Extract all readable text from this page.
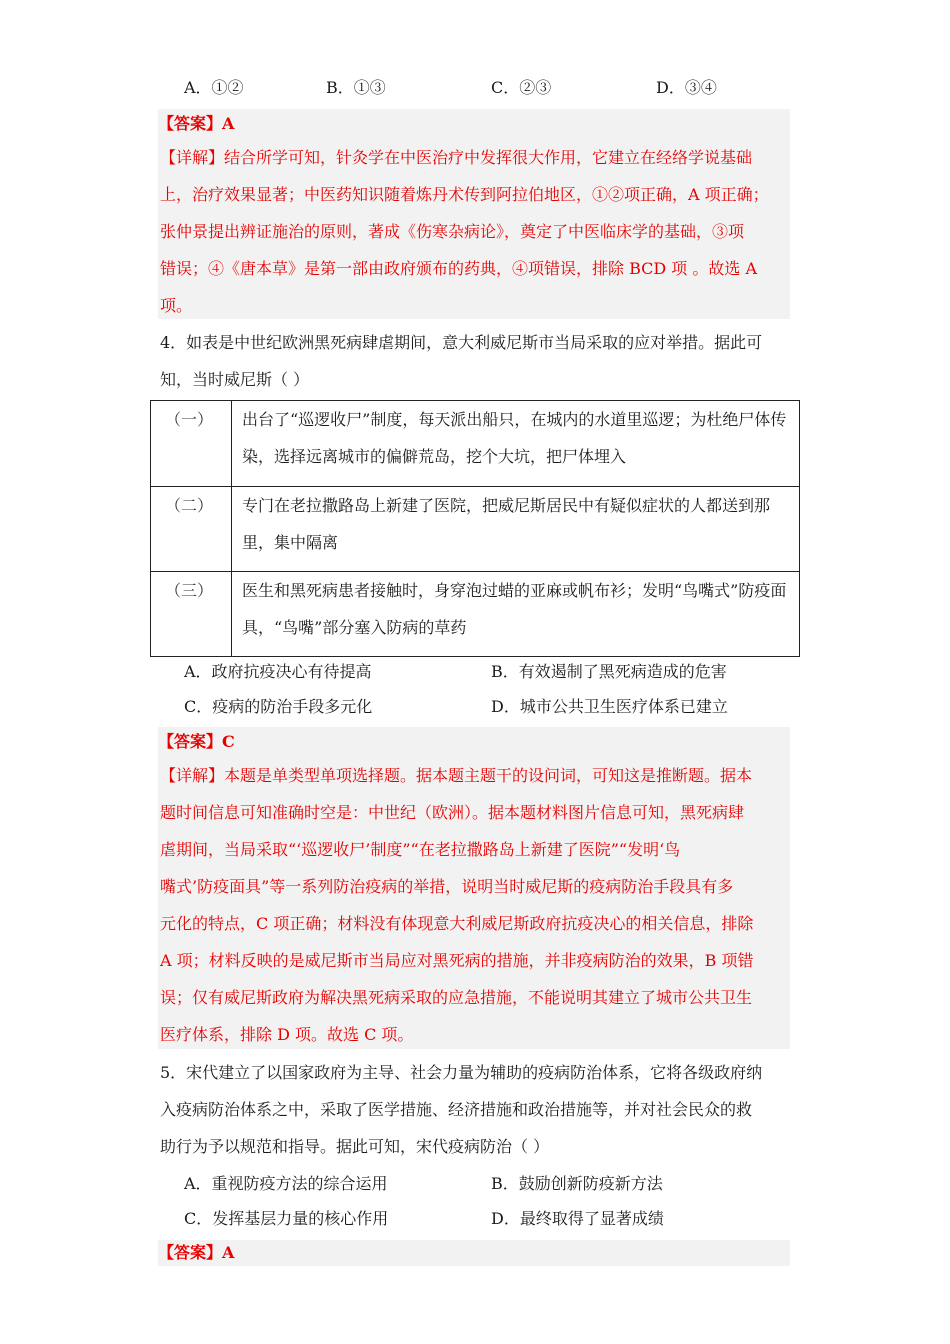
A．①②	B．①③	C．②③	D．③④
【答案】A
【详解】结合所学可知，针灸学在中医治疗中发挥很大作用，它建立在经络学说基础
上，治疗效果显著；中医药知识随着炼丹术传到阿拉伯地区，①②项正确，A 项正确；
张仲景提出辨证施治的原则，著成《伤寒杂病论》，奠定了中医临床学的基础，③项
错误；④《唐本草》是第一部由政府颁布的药典，④项错误，排除 BCD 项 。故选 A
项。
4．如表是中世纪欧洲黑死病肆虐期间，意大利威尼斯市当局采取的应对举措。据此可
知，当时威尼斯（ ）
（一）	出台了“巡逻收尸”制度，每天派出船只，在城内的水道里巡逻；为杜绝尸体传染，选择远离城市的偏僻荒岛，挖个大坑，把尸体埋入
（二）	专门在老拉撒路岛上新建了医院，把威尼斯居民中有疑似症状的人都送到那里，集中隔离
（三）	医生和黑死病患者接触时，身穿泡过蜡的亚麻或帆布衫；发明“鸟嘴式”防疫面具，“鸟嘴”部分塞入防病的草药
A．政府抗疫决心有待提高	B．有效遏制了黑死病造成的危害
C．疫病的防治手段多元化	D．城市公共卫生医疗体系已建立
【答案】C
【详解】本题是单类型单项选择题。据本题主题干的设问词，可知这是推断题。据本
题时间信息可知准确时空是：中世纪（欧洲）。据本题材料图片信息可知，黑死病肆
虐期间，当局采取“‘巡逻收尸’制度”“在老拉撒路岛上新建了医院”“发明‘鸟
嘴式’防疫面具”等一系列防治疫病的举措，说明当时威尼斯的疫病防治手段具有多
元化的特点，C 项正确；材料没有体现意大利威尼斯政府抗疫决心的相关信息，排除
A 项；材料反映的是威尼斯市当局应对黑死病的措施，并非疫病防治的效果，B 项错
误；仅有威尼斯政府为解决黑死病采取的应急措施，不能说明其建立了城市公共卫生
医疗体系，排除 D 项。故选 C 项。
5．宋代建立了以国家政府为主导、社会力量为辅助的疫病防治体系，它将各级政府纳
入疫病防治体系之中，采取了医学措施、经济措施和政治措施等，并对社会民众的救
助行为予以规范和指导。据此可知，宋代疫病防治（ ）
A．重视防疫方法的综合运用	B．鼓励创新防疫新方法
C．发挥基层力量的核心作用	D．最终取得了显著成绩
【答案】A
